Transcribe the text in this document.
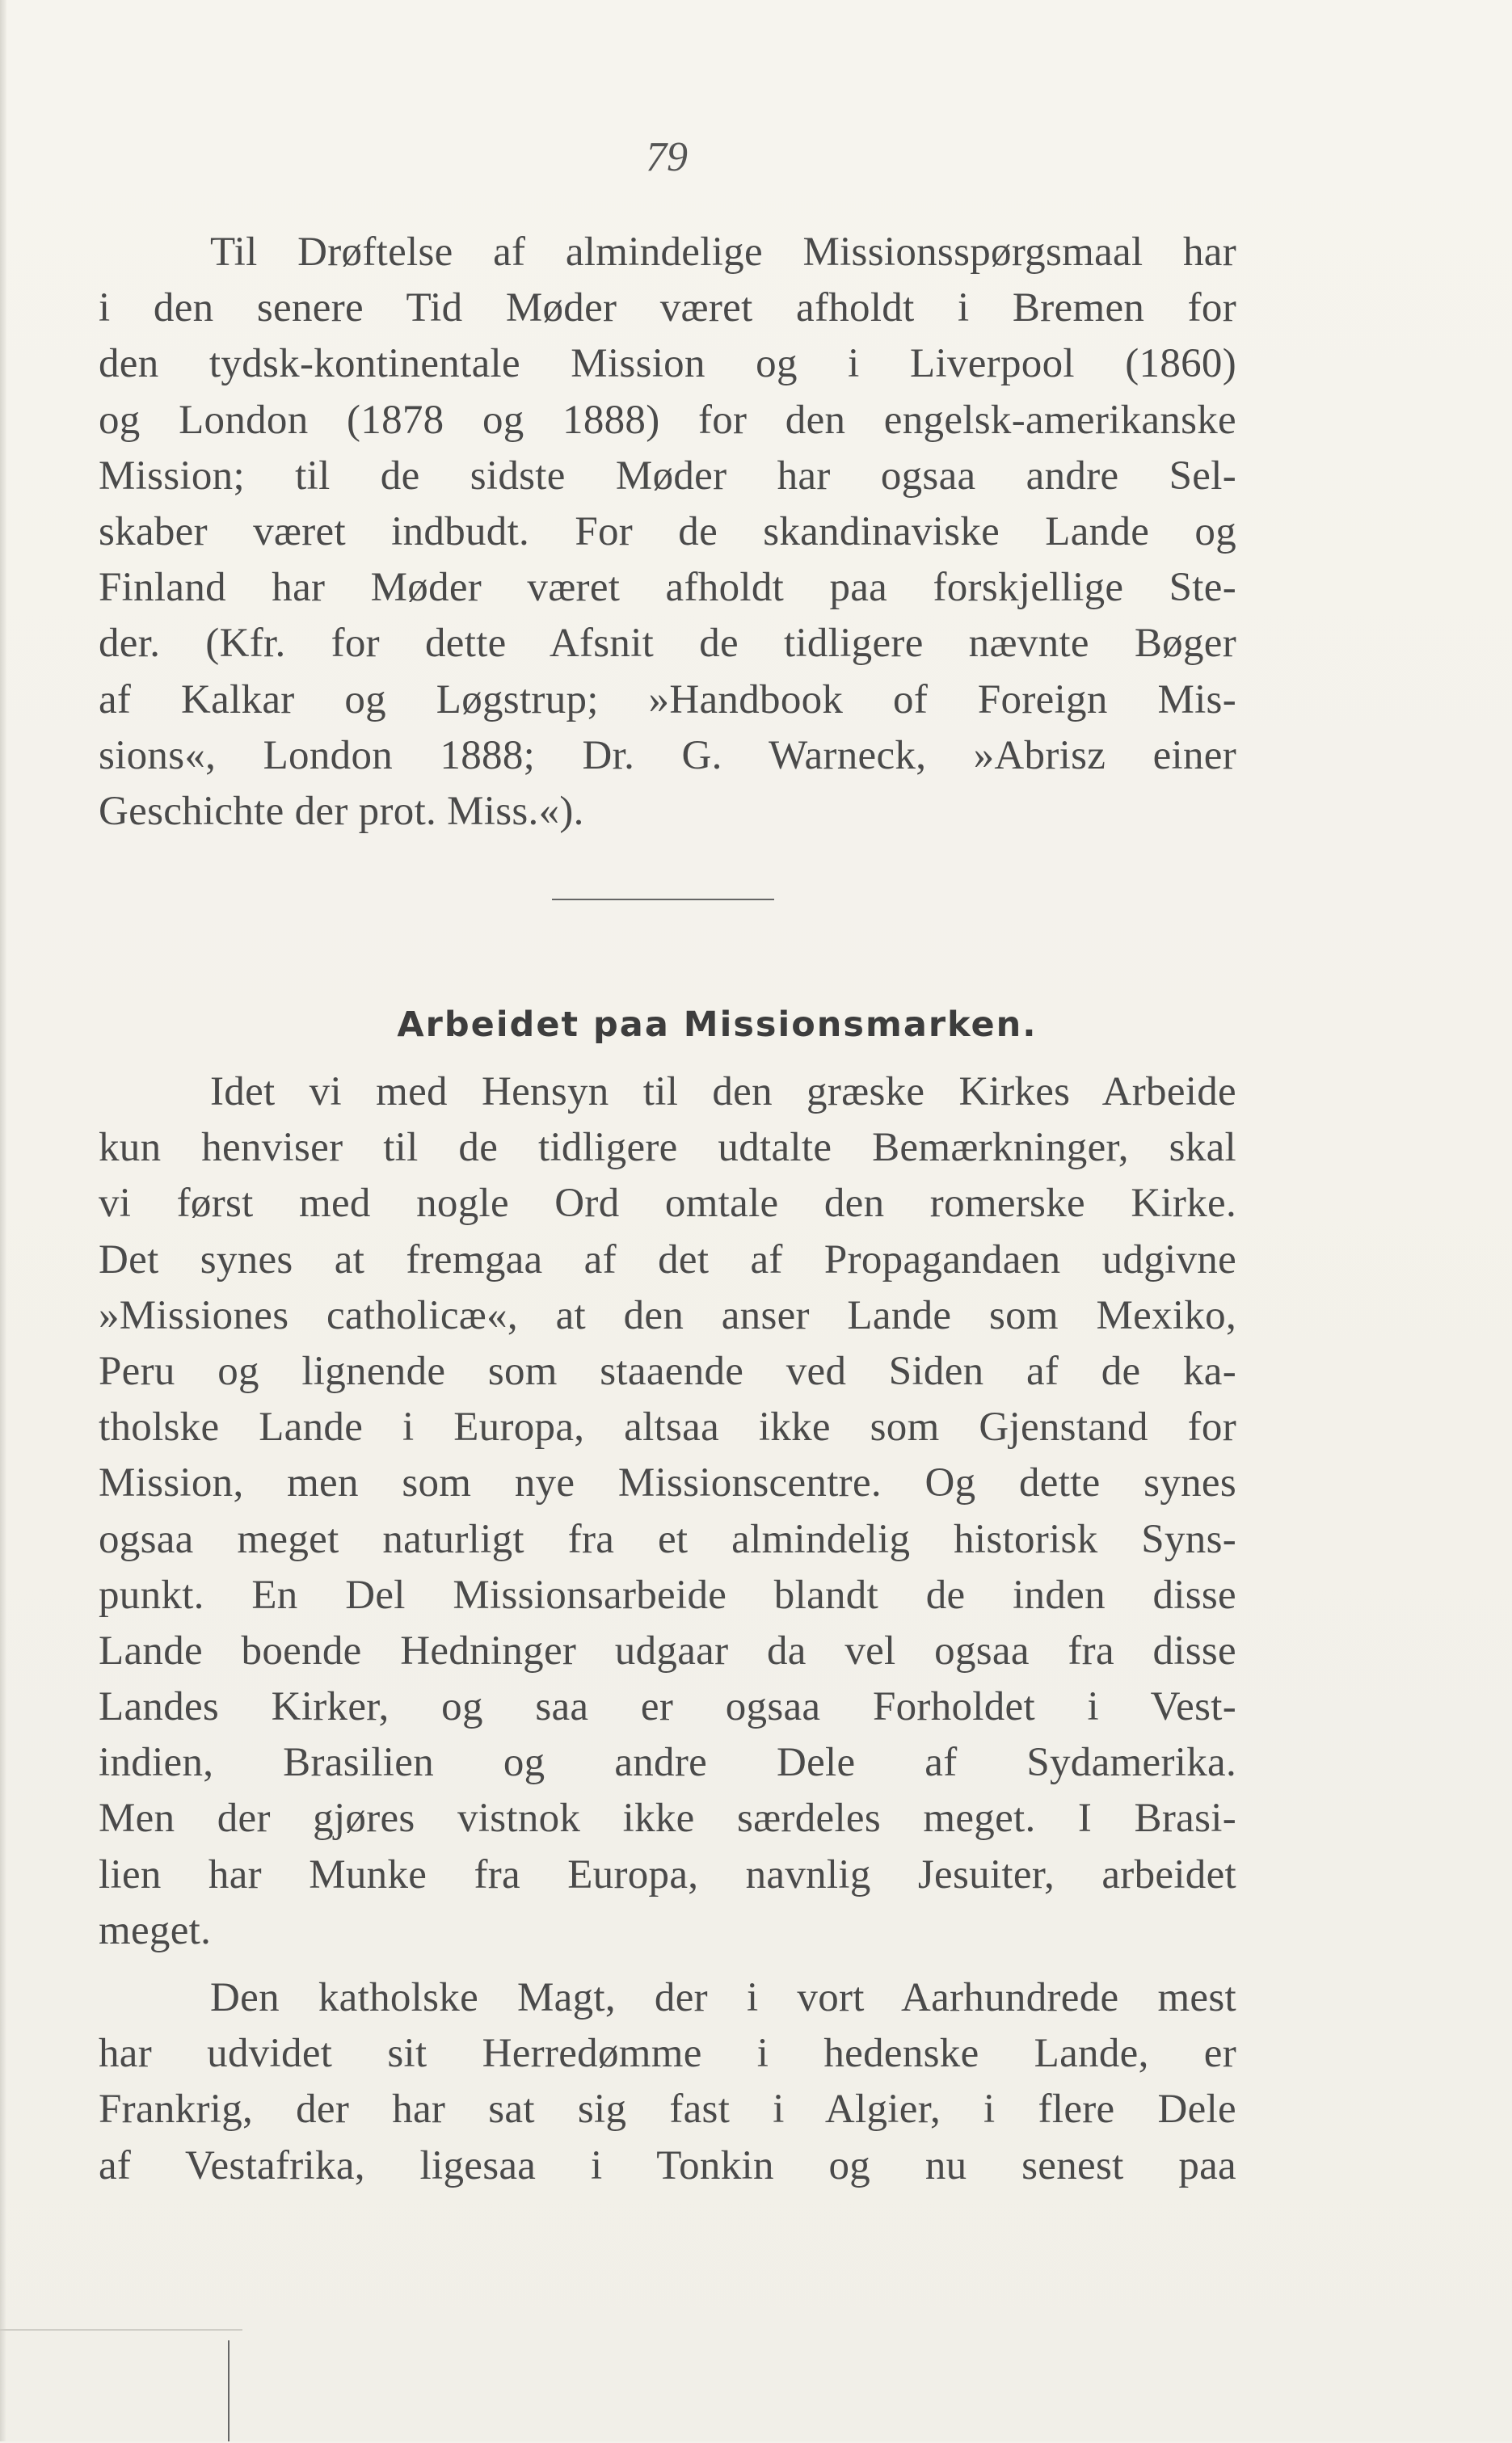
79
Til Drøftelse af almindelige Missionsspørgsmaal har
i den senere Tid Møder været afholdt i Bremen for
den tydsk-kontinentale Mission og i Liverpool (1860)
og London (1878 og 1888) for den engelsk-amerikanske
Mission; til de sidste Møder har ogsaa andre Sel-
skaber været indbudt. For de skandinaviske Lande og
Finland har Møder været afholdt paa forskjellige Ste-
der. (Kfr. for dette Afsnit de tidligere nævnte Bøger
af Kalkar og Løgstrup; »Handbook of Foreign Mis-
sions«, London 1888; Dr. G. Warneck, »Abrisz einer
Geschichte der prot. Miss.«).
Arbeidet paa Missionsmarken.
Idet vi med Hensyn til den græske Kirkes Arbeide
kun henviser til de tidligere udtalte Bemærkninger, skal
vi først med nogle Ord omtale den romerske Kirke.
Det synes at fremgaa af det af Propagandaen udgivne
»Missiones catholicæ«, at den anser Lande som Mexiko,
Peru og lignende som staaende ved Siden af de ka-
tholske Lande i Europa, altsaa ikke som Gjenstand for
Mission, men som nye Missionscentre. Og dette synes
ogsaa meget naturligt fra et almindelig historisk Syns-
punkt. En Del Missionsarbeide blandt de inden disse
Lande boende Hedninger udgaar da vel ogsaa fra disse
Landes Kirker, og saa er ogsaa Forholdet i Vest-
indien, Brasilien og andre Dele af Sydamerika.
Men der gjøres vistnok ikke særdeles meget. I Brasi-
lien har Munke fra Europa, navnlig Jesuiter, arbeidet
meget.
Den katholske Magt, der i vort Aarhundrede mest
har udvidet sit Herredømme i hedenske Lande, er
Frankrig, der har sat sig fast i Algier, i flere Dele
af Vestafrika, ligesaa i Tonkin og nu senest paa
